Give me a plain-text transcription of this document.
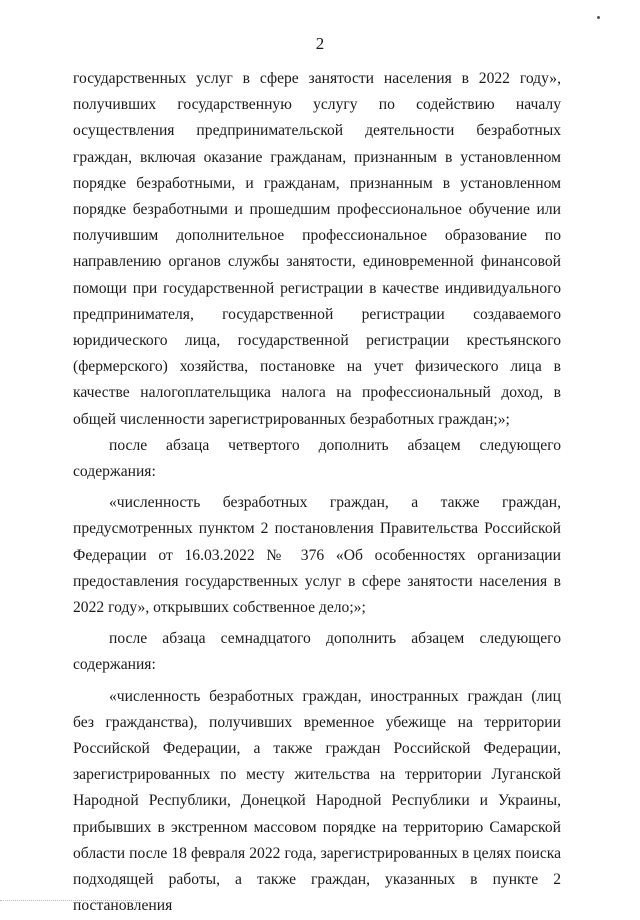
2

государственных услуг в сфере занятости населения в 2022 году», получивших государственную услугу по содействию началу осуществления предпринимательской деятельности безработных граждан, включая оказание гражданам, признанным в установленном порядке безработными, и гражданам, признанным в установленном порядке безработными и прошедшим профессиональное обучение или получившим дополнительное профессиональное образование по направлению органов службы занятости, единовременной финансовой помощи при государственной регистрации в качестве индивидуального предпринимателя, государственной регистрации создаваемого юридического лица, государственной регистрации крестьянского (фермерского) хозяйства, постановке на учет физического лица в качестве налогоплательщика налога на профессиональный доход, в общей численности зарегистрированных безработных граждан;»;

после абзаца четвертого дополнить абзацем следующего содержания:

«численность безработных граждан, а также граждан, предусмотренных пунктом 2 постановления Правительства Российской Федерации от 16.03.2022 № 376 «Об особенностях организации предоставления государственных услуг в сфере занятости населения в 2022 году», открывших собственное дело;»;

после абзаца семнадцатого дополнить абзацем следующего содержания:

«численность безработных граждан, иностранных граждан (лиц без гражданства), получивших временное убежище на территории Российской Федерации, а также граждан Российской Федерации, зарегистрированных по месту жительства на территории Луганской Народной Республики, Донецкой Народной Республики и Украины, прибывших в экстренном массовом порядке на территорию Самарской области после 18 февраля 2022 года, зарегистрированных в целях поиска подходящей работы, а также граждан, указанных в пункте 2 постановления
